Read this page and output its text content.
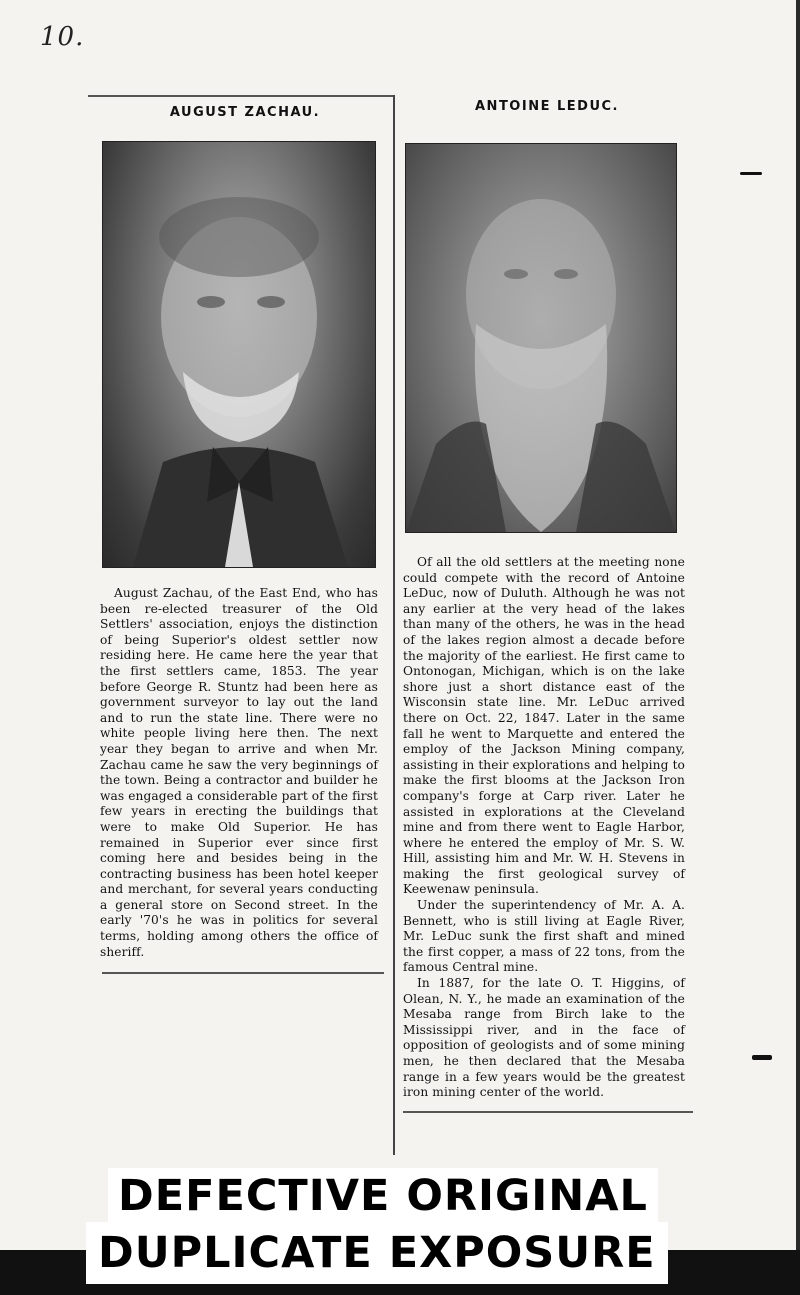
10.
AUGUST ZACHAU.

August Zachau, of the East End, who has been re-elected treasurer of the Old Settlers' association, enjoys the distinction of being Superior's oldest settler now residing here. He came here the year that the first settlers came, 1853. The year before George R. Stuntz had been here as government surveyor to lay out the land and to run the state line. There were no white people living here then. The next year they began to arrive and when Mr. Zachau came he saw the very beginnings of the town. Being a contractor and builder he was engaged a considerable part of the first few years in erecting the buildings that were to make Old Superior. He has remained in Superior ever since first coming here and besides being in the contracting business has been hotel keeper and merchant, for several years conducting a general store on Second street. In the early '70's he was in politics for several terms, holding among others the office of sheriff.

ANTOINE LEDUC.

Of all the old settlers at the meeting none could compete with the record of Antoine LeDuc, now of Duluth. Although he was not any earlier at the very head of the lakes than many of the others, he was in the head of the lakes region almost a decade before the majority of the earliest. He first came to Ontonogan, Michigan, which is on the lake shore just a short distance east of the Wisconsin state line. Mr. LeDuc arrived there on Oct. 22, 1847. Later in the same fall he went to Marquette and entered the employ of the Jackson Mining company, assisting in their explorations and helping to make the first blooms at the Jackson Iron company's forge at Carp river. Later he assisted in explorations at the Cleveland mine and from there went to Eagle Harbor, where he entered the employ of Mr. S. W. Hill, assisting him and Mr. W. H. Stevens in making the first geological survey of Keewenaw peninsula.

Under the superintendency of Mr. A. A. Bennett, who is still living at Eagle River, Mr. LeDuc sunk the first shaft and mined the first copper, a mass of 22 tons, from the famous Central mine.

In 1887, for the late O. T. Higgins, of Olean, N. Y., he made an examination of the Mesaba range from Birch lake to the Mississippi river, and in the face of opposition of geologists and of some mining men, he then declared that the Mesaba range in a few years would be the greatest iron mining center of the world.

DEFECTIVE ORIGINAL
DUPLICATE EXPOSURE
